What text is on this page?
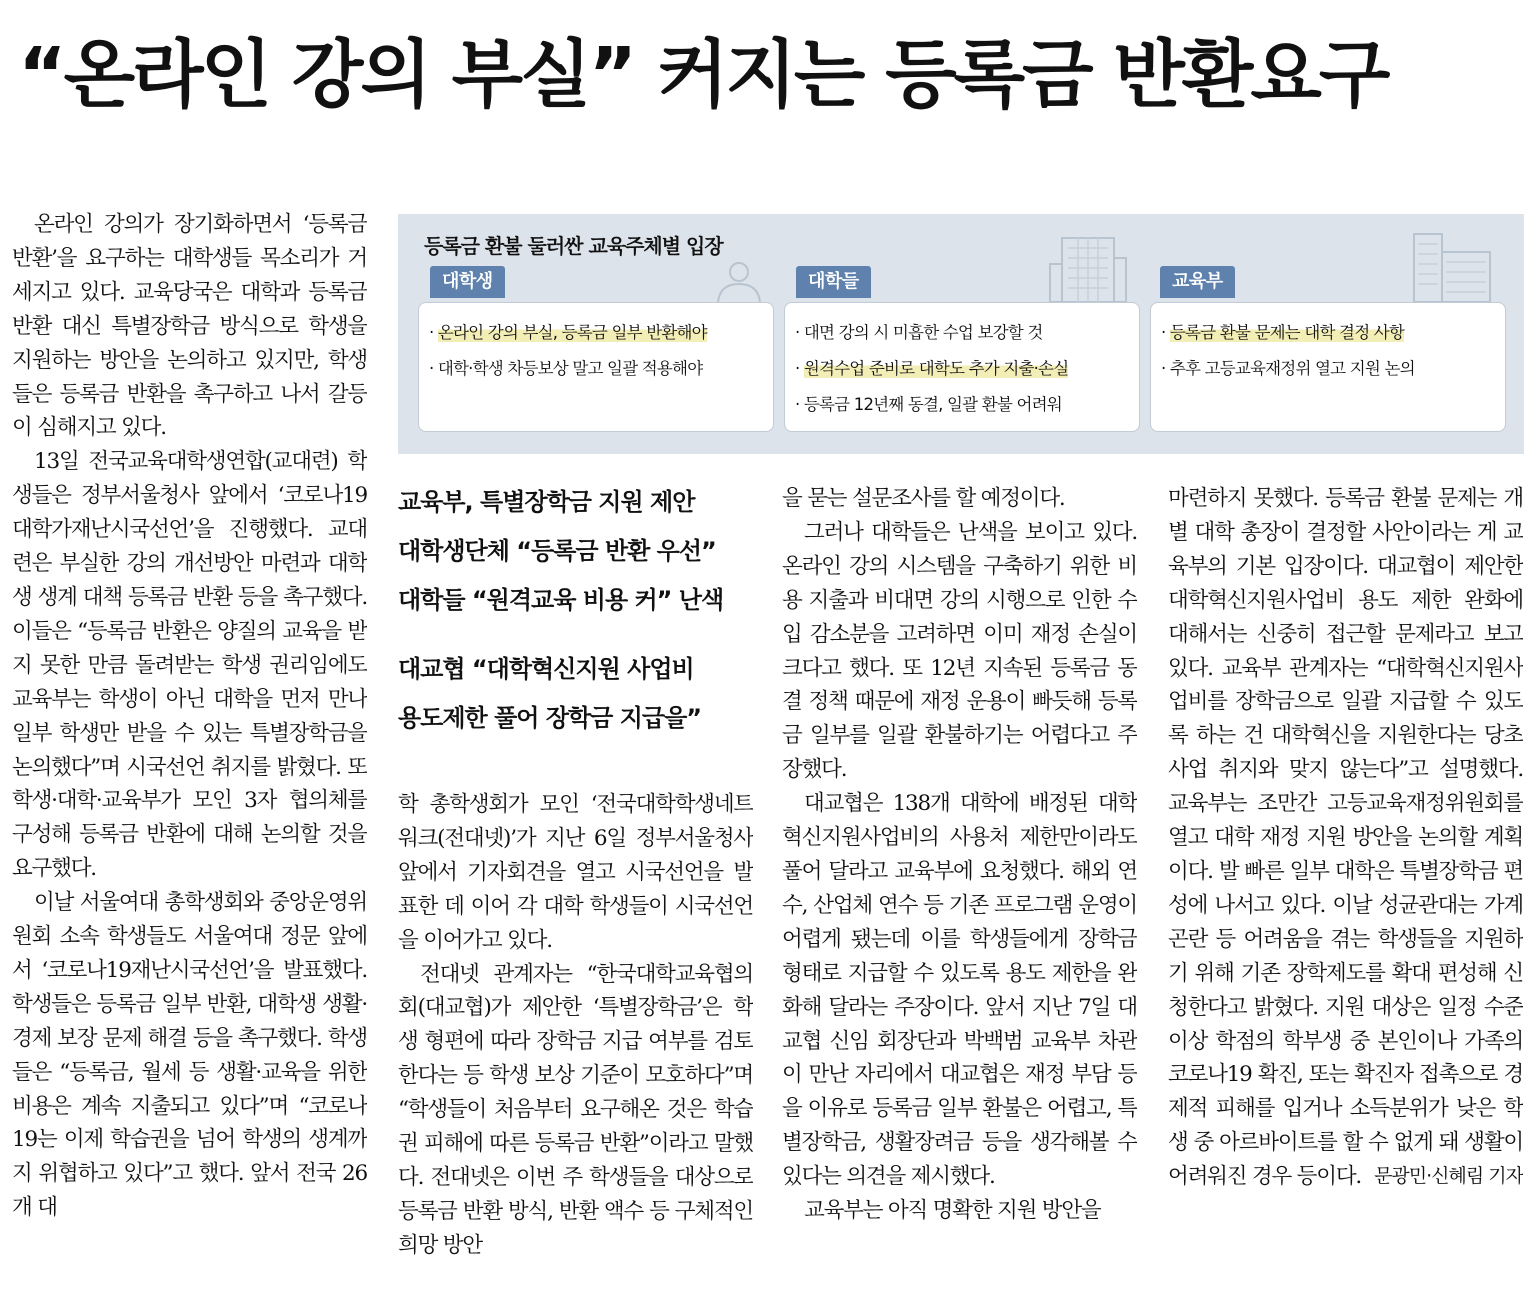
“온라인 강의 부실” 커지는 등록금 반환요구
등록금 환불 둘러싼 교육주체별 입장
대학생
· 온라인 강의 부실, 등록금 일부 반환해야
· 대학·학생 차등보상 말고 일괄 적용해야
대학들
· 대면 강의 시 미흡한 수업 보강할 것
· 원격수업 준비로 대학도 추가 지출·손실
· 등록금 12년째 동결, 일괄 환불 어려워
교육부
· 등록금 환불 문제는 대학 결정 사항
· 추후 고등교육재정위 열고 지원 논의
교육부, 특별장학금 지원 제안
대학생단체 “등록금 반환 우선”
대학들 “원격교육 비용 커” 난색
대교협 “대학혁신지원 사업비
용도제한 풀어 장학금 지급을”

온라인 강의가 장기화하면서 ‘등록금 반환’을 요구하는 대학생들 목소리가 거세지고 있다. 교육당국은 대학과 등록금 반환 대신 특별장학금 방식으로 학생을 지원하는 방안을 논의하고 있지만, 학생들은 등록금 반환을 촉구하고 나서 갈등이 심해지고 있다.

13일 전국교육대학생연합(교대련) 학생들은 정부서울청사 앞에서 ‘코로나19 대학가재난시국선언’을 진행했다. 교대련은 부실한 강의 개선방안 마련과 대학생 생계 대책 등록금 반환 등을 촉구했다. 이들은 “등록금 반환은 양질의 교육을 받지 못한 만큼 돌려받는 학생 권리임에도 교육부는 학생이 아닌 대학을 먼저 만나 일부 학생만 받을 수 있는 특별장학금을 논의했다”며 시국선언 취지를 밝혔다. 또 학생·대학·교육부가 모인 3자 협의체를 구성해 등록금 반환에 대해 논의할 것을 요구했다.

이날 서울여대 총학생회와 중앙운영위원회 소속 학생들도 서울여대 정문 앞에서 ‘코로나19재난시국선언’을 발표했다. 학생들은 등록금 일부 반환, 대학생 생활·경제 보장 문제 해결 등을 촉구했다. 학생들은 “등록금, 월세 등 생활·교육을 위한 비용은 계속 지출되고 있다”며 “코로나19는 이제 학습권을 넘어 학생의 생계까지 위협하고 있다”고 했다. 앞서 전국 26개 대

학 총학생회가 모인 ‘전국대학학생네트워크(전대넷)’가 지난 6일 정부서울청사 앞에서 기자회견을 열고 시국선언을 발표한 데 이어 각 대학 학생들이 시국선언을 이어가고 있다.

전대넷 관계자는 “한국대학교육협의회(대교협)가 제안한 ‘특별장학금’은 학생 형편에 따라 장학금 지급 여부를 검토한다는 등 학생 보상 기준이 모호하다”며 “학생들이 처음부터 요구해온 것은 학습권 피해에 따른 등록금 반환”이라고 말했다. 전대넷은 이번 주 학생들을 대상으로 등록금 반환 방식, 반환 액수 등 구체적인 희망 방안

을 묻는 설문조사를 할 예정이다.

그러나 대학들은 난색을 보이고 있다. 온라인 강의 시스템을 구축하기 위한 비용 지출과 비대면 강의 시행으로 인한 수입 감소분을 고려하면 이미 재정 손실이 크다고 했다. 또 12년 지속된 등록금 동결 정책 때문에 재정 운용이 빠듯해 등록금 일부를 일괄 환불하기는 어렵다고 주장했다.

대교협은 138개 대학에 배정된 대학혁신지원사업비의 사용처 제한만이라도 풀어 달라고 교육부에 요청했다. 해외 연수, 산업체 연수 등 기존 프로그램 운영이 어렵게 됐는데 이를 학생들에게 장학금 형태로 지급할 수 있도록 용도 제한을 완화해 달라는 주장이다. 앞서 지난 7일 대교협 신임 회장단과 박백범 교육부 차관이 만난 자리에서 대교협은 재정 부담 등을 이유로 등록금 일부 환불은 어렵고, 특별장학금, 생활장려금 등을 생각해볼 수 있다는 의견을 제시했다.

교육부는 아직 명확한 지원 방안을

마련하지 못했다. 등록금 환불 문제는 개별 대학 총장이 결정할 사안이라는 게 교육부의 기본 입장이다. 대교협이 제안한 대학혁신지원사업비 용도 제한 완화에 대해서는 신중히 접근할 문제라고 보고 있다. 교육부 관계자는 “대학혁신지원사업비를 장학금으로 일괄 지급할 수 있도록 하는 건 대학혁신을 지원한다는 당초 사업 취지와 맞지 않는다”고 설명했다. 교육부는 조만간 고등교육재정위원회를 열고 대학 재정 지원 방안을 논의할 계획이다. 발 빠른 일부 대학은 특별장학금 편성에 나서고 있다. 이날 성균관대는 가계 곤란 등 어려움을 겪는 학생들을 지원하기 위해 기존 장학제도를 확대 편성해 신청한다고 밝혔다. 지원 대상은 일정 수준 이상 학점의 학부생 중 본인이나 가족의 코로나19 확진, 또는 확진자 접촉으로 경제적 피해를 입거나 소득분위가 낮은 학생 중 아르바이트를 할 수 없게 돼 생활이 어려워진 경우 등이다. 문광민·신혜림 기자
